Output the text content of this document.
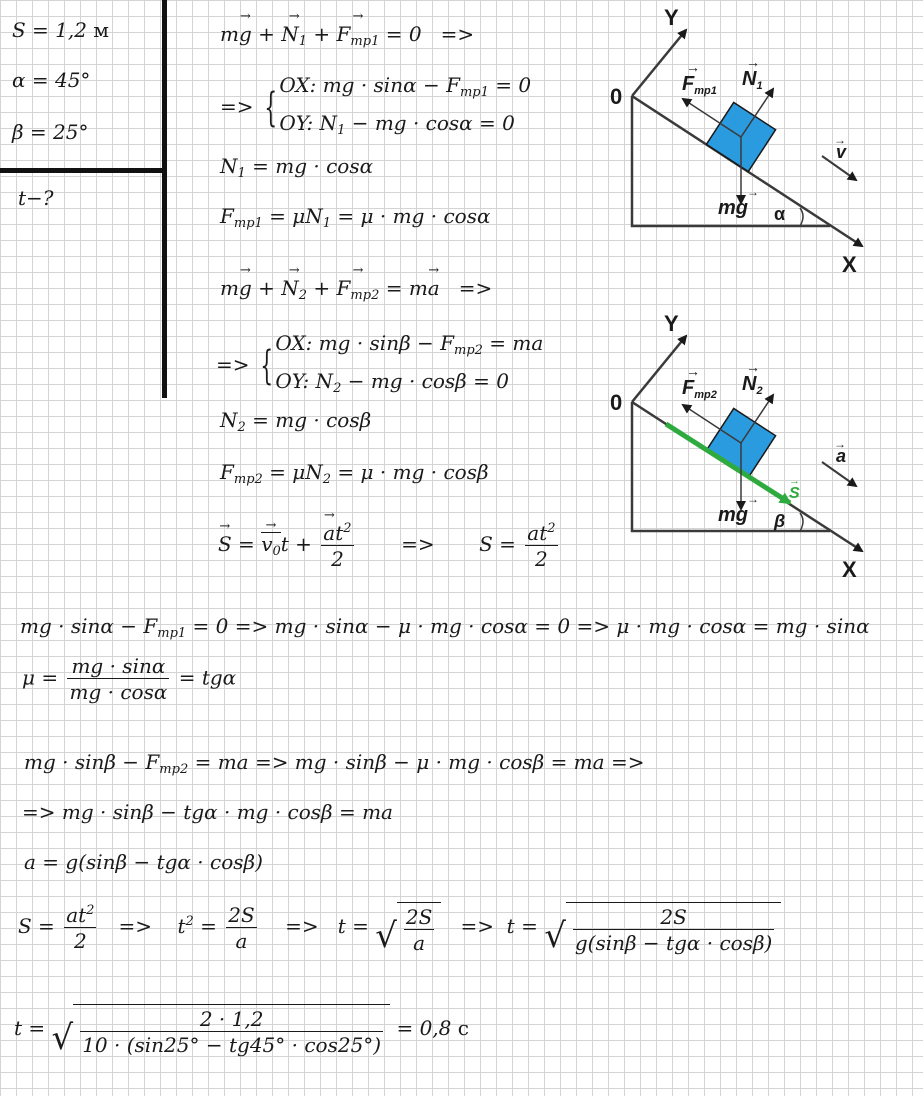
S = 1,2 м
α = 45°
β = 25°
t−?
mg → + $N_1$ → + $F_{тр1}$ → = 0   =>
=> { OX: mg · $\sin\alpha - F_{тр1} = 0$
OY: $N_1$ − mg · cosα = 0
$N_1$ = mg · cosα
$F_{тр1} = \mu N_1 = \mu$ · mg · cosα
mg → + $N_2$ → + $F_{тр2}$ → = ma →   =>
=> { OX: mg · $\sin\beta - F_{тр2}$ = ma
OY: $N_2$ − mg · cosβ = 0
$N_2$ = mg · cosβ
$F_{тр2} = \mu N_2 = \mu$ · mg · cosβ
S → = $v_0 \to t + \frac{a \to t^2}{2}$ =>       $S = \frac{at^2}{2}$
mg · $\sin\alpha - F_{тр1} = 0$ => mg · sinα − μ · mg · cosα = 0 => μ · mg · cosα = mg · sinα
$\mu = \frac{mg \cdot \sin\alpha}{mg \cdot \cos\alpha} = tg\alpha$
mg · $\sin\beta - F_{тр2}$ = ma => mg · sinβ − μ · mg · cosβ = ma =>
=> mg · sinβ − tgα · mg · cosβ = ma
a = g(sinβ − tgα · cosβ)
$S = \frac{at^2}{2}$ =>    $t^2 = \frac{2S}{a} => t$ = √ $\frac{2S}{a} => t$ = √ $\frac{2S}{\text{g(sinβ − tgα · cosβ)}}$
t = √ $\frac{2 \cdot 1,2}{10 \cdot (\sin 25^\circ - tg45^\circ \cdot \cos 25^\circ)} = 0,8$ c
Y
X
0
α
$F_{тр1}$
→
$N_1$
→
mg
→
v
→
Y
X
0
β
$F_{тр2}$
→
$N_2$
→
mg
→
a
→
S
→
